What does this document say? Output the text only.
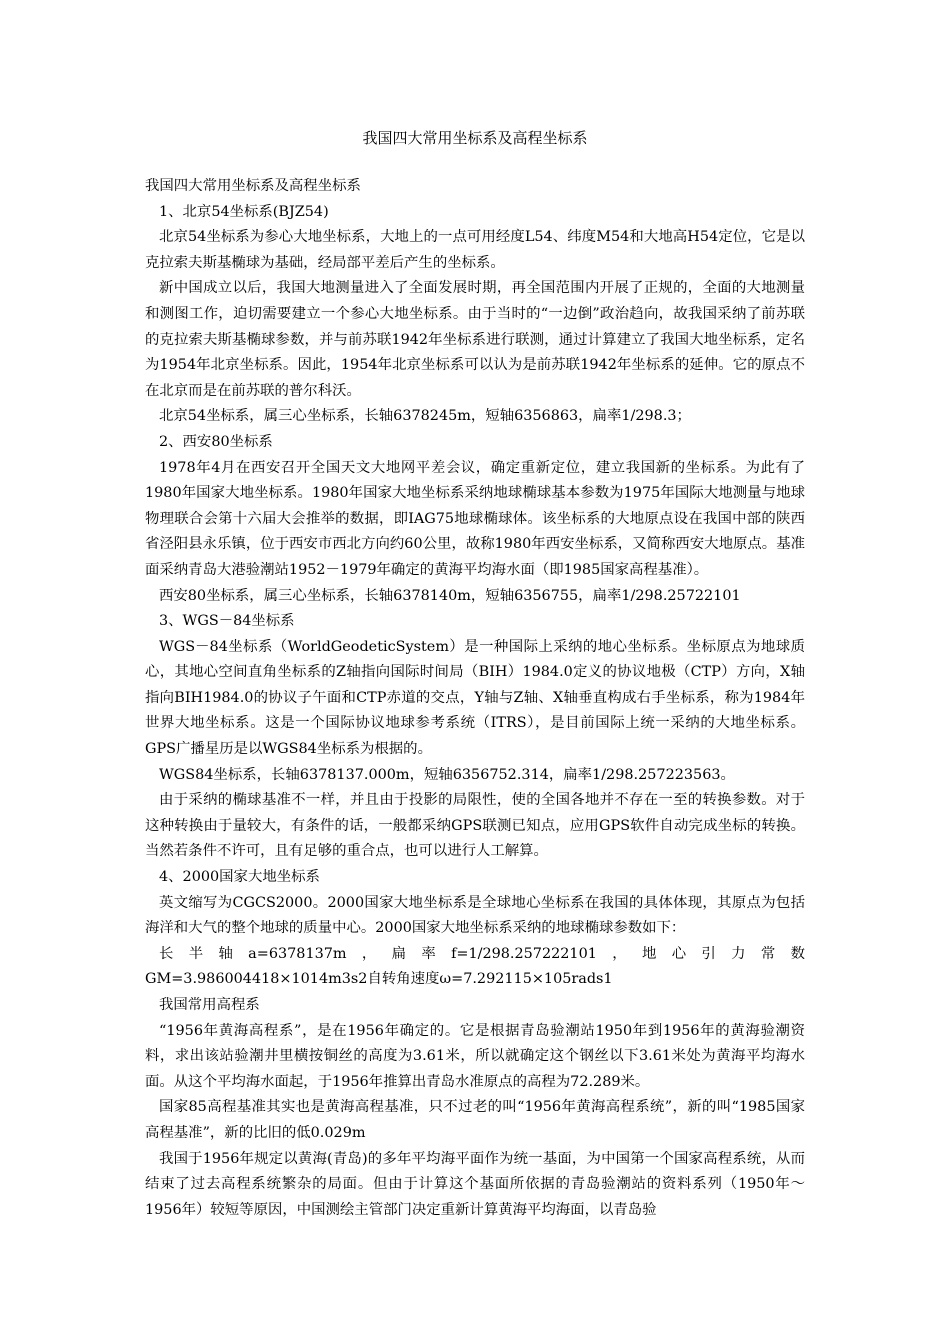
我国四大常用坐标系及高程坐标系

我国四大常用坐标系及高程坐标系

1、北京54坐标系(BJZ54)

北京54坐标系为参心大地坐标系，大地上的一点可用经度L54、纬度M54和大地高H54定位，它是以克拉索夫斯基椭球为基础，经局部平差后产生的坐标系。

新中国成立以后，我国大地测量进入了全面发展时期，再全国范围内开展了正规的，全面的大地测量和测图工作，迫切需要建立一个参心大地坐标系。由于当时的“一边倒”政治趋向，故我国采纳了前苏联的克拉索夫斯基椭球参数，并与前苏联1942年坐标系进行联测，通过计算建立了我国大地坐标系，定名为1954年北京坐标系。因此，1954年北京坐标系可以认为是前苏联1942年坐标系的延伸。它的原点不在北京而是在前苏联的普尔科沃。

北京54坐标系，属三心坐标系，长轴6378245m，短轴6356863，扁率1/298.3；

2、西安80坐标系

1978年4月在西安召开全国天文大地网平差会议，确定重新定位，建立我国新的坐标系。为此有了1980年国家大地坐标系。1980年国家大地坐标系采纳地球椭球基本参数为1975年国际大地测量与地球物理联合会第十六届大会推举的数据，即IAG75地球椭球体。该坐标系的大地原点设在我国中部的陕西省泾阳县永乐镇，位于西安市西北方向约60公里，故称1980年西安坐标系，又简称西安大地原点。基准面采纳青岛大港验潮站1952－1979年确定的黄海平均海水面（即1985国家高程基准）。

西安80坐标系，属三心坐标系，长轴6378140m，短轴6356755，扁率1/298.25722101

3、WGS－84坐标系

WGS－84坐标系（WorldGeodeticSystem）是一种国际上采纳的地心坐标系。坐标原点为地球质心，其地心空间直角坐标系的Z轴指向国际时间局（BIH）1984.0定义的协议地极（CTP）方向，X轴指向BIH1984.0的协议子午面和CTP赤道的交点，Y轴与Z轴、X轴垂直构成右手坐标系，称为1984年世界大地坐标系。这是一个国际协议地球参考系统（ITRS），是目前国际上统一采纳的大地坐标系。GPS广播星历是以WGS84坐标系为根据的。

WGS84坐标系，长轴6378137.000m，短轴6356752.314，扁率1/298.257223563。

由于采纳的椭球基准不一样，并且由于投影的局限性，使的全国各地并不存在一至的转换参数。对于这种转换由于量较大，有条件的话，一般都采纳GPS联测已知点，应用GPS软件自动完成坐标的转换。当然若条件不许可，且有足够的重合点，也可以进行人工解算。

4、2000国家大地坐标系

英文缩写为CGCS2000。2000国家大地坐标系是全球地心坐标系在我国的具体体现，其原点为包括海洋和大气的整个地球的质量中心。2000国家大地坐标系采纳的地球椭球参数如下：

长半轴a=6378137m，扁率f=1/298.257222101，地心引力常数GM=3.986004418×1014m3s2自转角速度ω=7.292115×105rads1

我国常用高程系

“1956年黄海高程系”，是在1956年确定的。它是根据青岛验潮站1950年到1956年的黄海验潮资料，求出该站验潮井里横按铜丝的高度为3.61米，所以就确定这个钢丝以下3.61米处为黄海平均海水面。从这个平均海水面起，于1956年推算出青岛水准原点的高程为72.289米。

国家85高程基准其实也是黄海高程基准，只不过老的叫“1956年黄海高程系统”，新的叫“1985国家高程基准”，新的比旧的低0.029m

我国于1956年规定以黄海(青岛)的多年平均海平面作为统一基面，为中国第一个国家高程系统，从而结束了过去高程系统繁杂的局面。但由于计算这个基面所依据的青岛验潮站的资料系列（1950年～1956年）较短等原因，中国测绘主管部门决定重新计算黄海平均海面，以青岛验
